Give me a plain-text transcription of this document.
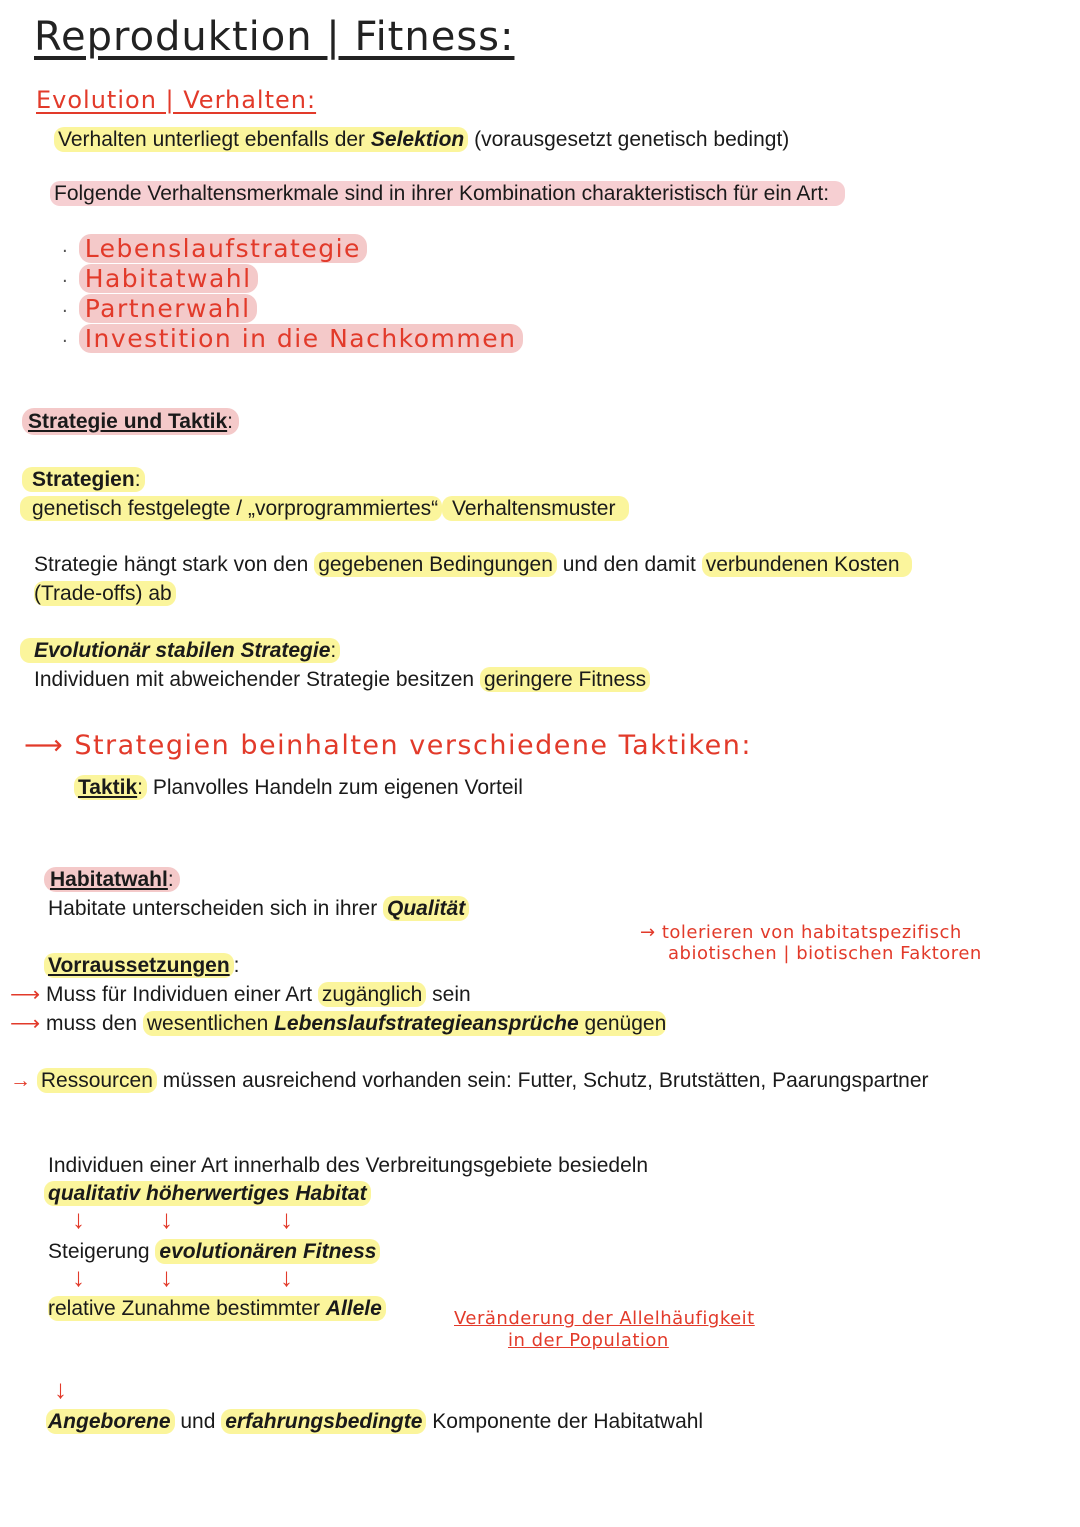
Reproduktion | Fitness:
Evolution | Verhalten:
Verhalten unterliegt ebenfalls der Selektion (vorausgesetzt genetisch bedingt)
Folgende Verhaltensmerkmale sind in ihrer Kombination charakteristisch für ein Art:
· Lebenslaufstrategie
· Habitatwahl
· Partnerwahl
· Investition in die Nachkommen
Strategie und Taktik:
Strategien:
genetisch festgelegte / „vorprogrammiertes“ Verhaltensmuster
Strategie hängt stark von den gegebenen Bedingungen und den damit verbundenen Kosten
(Trade-offs) ab
Evolutionär stabilen Strategie:
Individuen mit abweichender Strategie besitzen geringere Fitness
⟶ Strategien beinhalten verschiedene Taktiken:
Taktik: Planvolles Handeln zum eigenen Vorteil
Habitatwahl:
Habitate unterscheiden sich in ihrer Qualität
→ tolerieren von habitatspezifisch
abiotischen | biotischen Faktoren
Vorraussetzungen :
⟶ Muss für Individuen einer Art zugänglich sein
⟶ muss den wesentlichen Lebenslaufstrategieansprüche genügen
→ Ressourcen müssen ausreichend vorhanden sein: Futter, Schutz, Brutstätten, Paarungspartner
Individuen einer Art innerhalb des Verbreitungsgebiete besiedeln
qualitativ höherwertiges Habitat
↓	↓	↓
Steigerung evolutionären Fitness
↓	↓	↓
relative Zunahme bestimmter Allele	Veränderung der Allelhäufigkeit
in der Population
↓
Angeborene und erfahrungsbedingte Komponente der Habitatwahl
